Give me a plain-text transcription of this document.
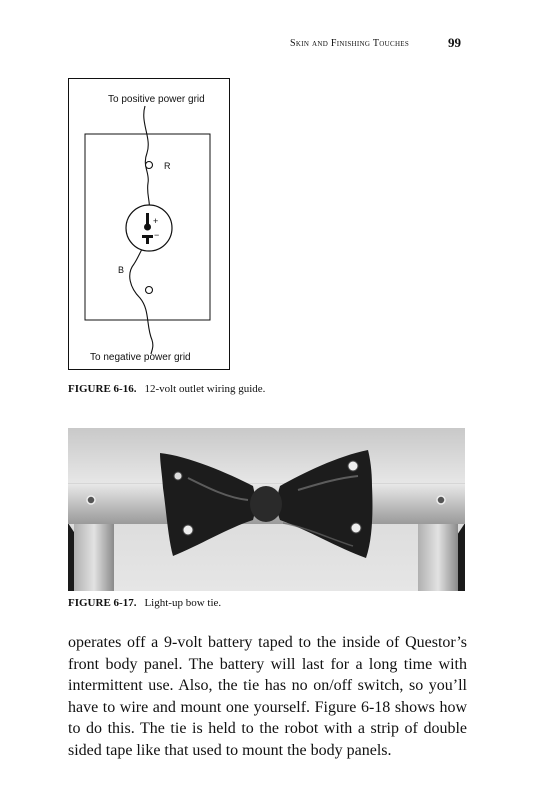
Skin and Finishing Touches	99
To positive power grid
To negative power grid
R
B
+
−
FIGURE 6-16. 12-volt outlet wiring guide.
FIGURE 6-17. Light-up bow tie.

operates off a 9-volt battery taped to the inside of Questor’s front body panel. The battery will last for a long time with intermittent use. Also, the tie has no on/off switch, so you’ll have to wire and mount one yourself. Figure 6-18 shows how to do this. The tie is held to the robot with a strip of double sided tape like that used to mount the body panels.
